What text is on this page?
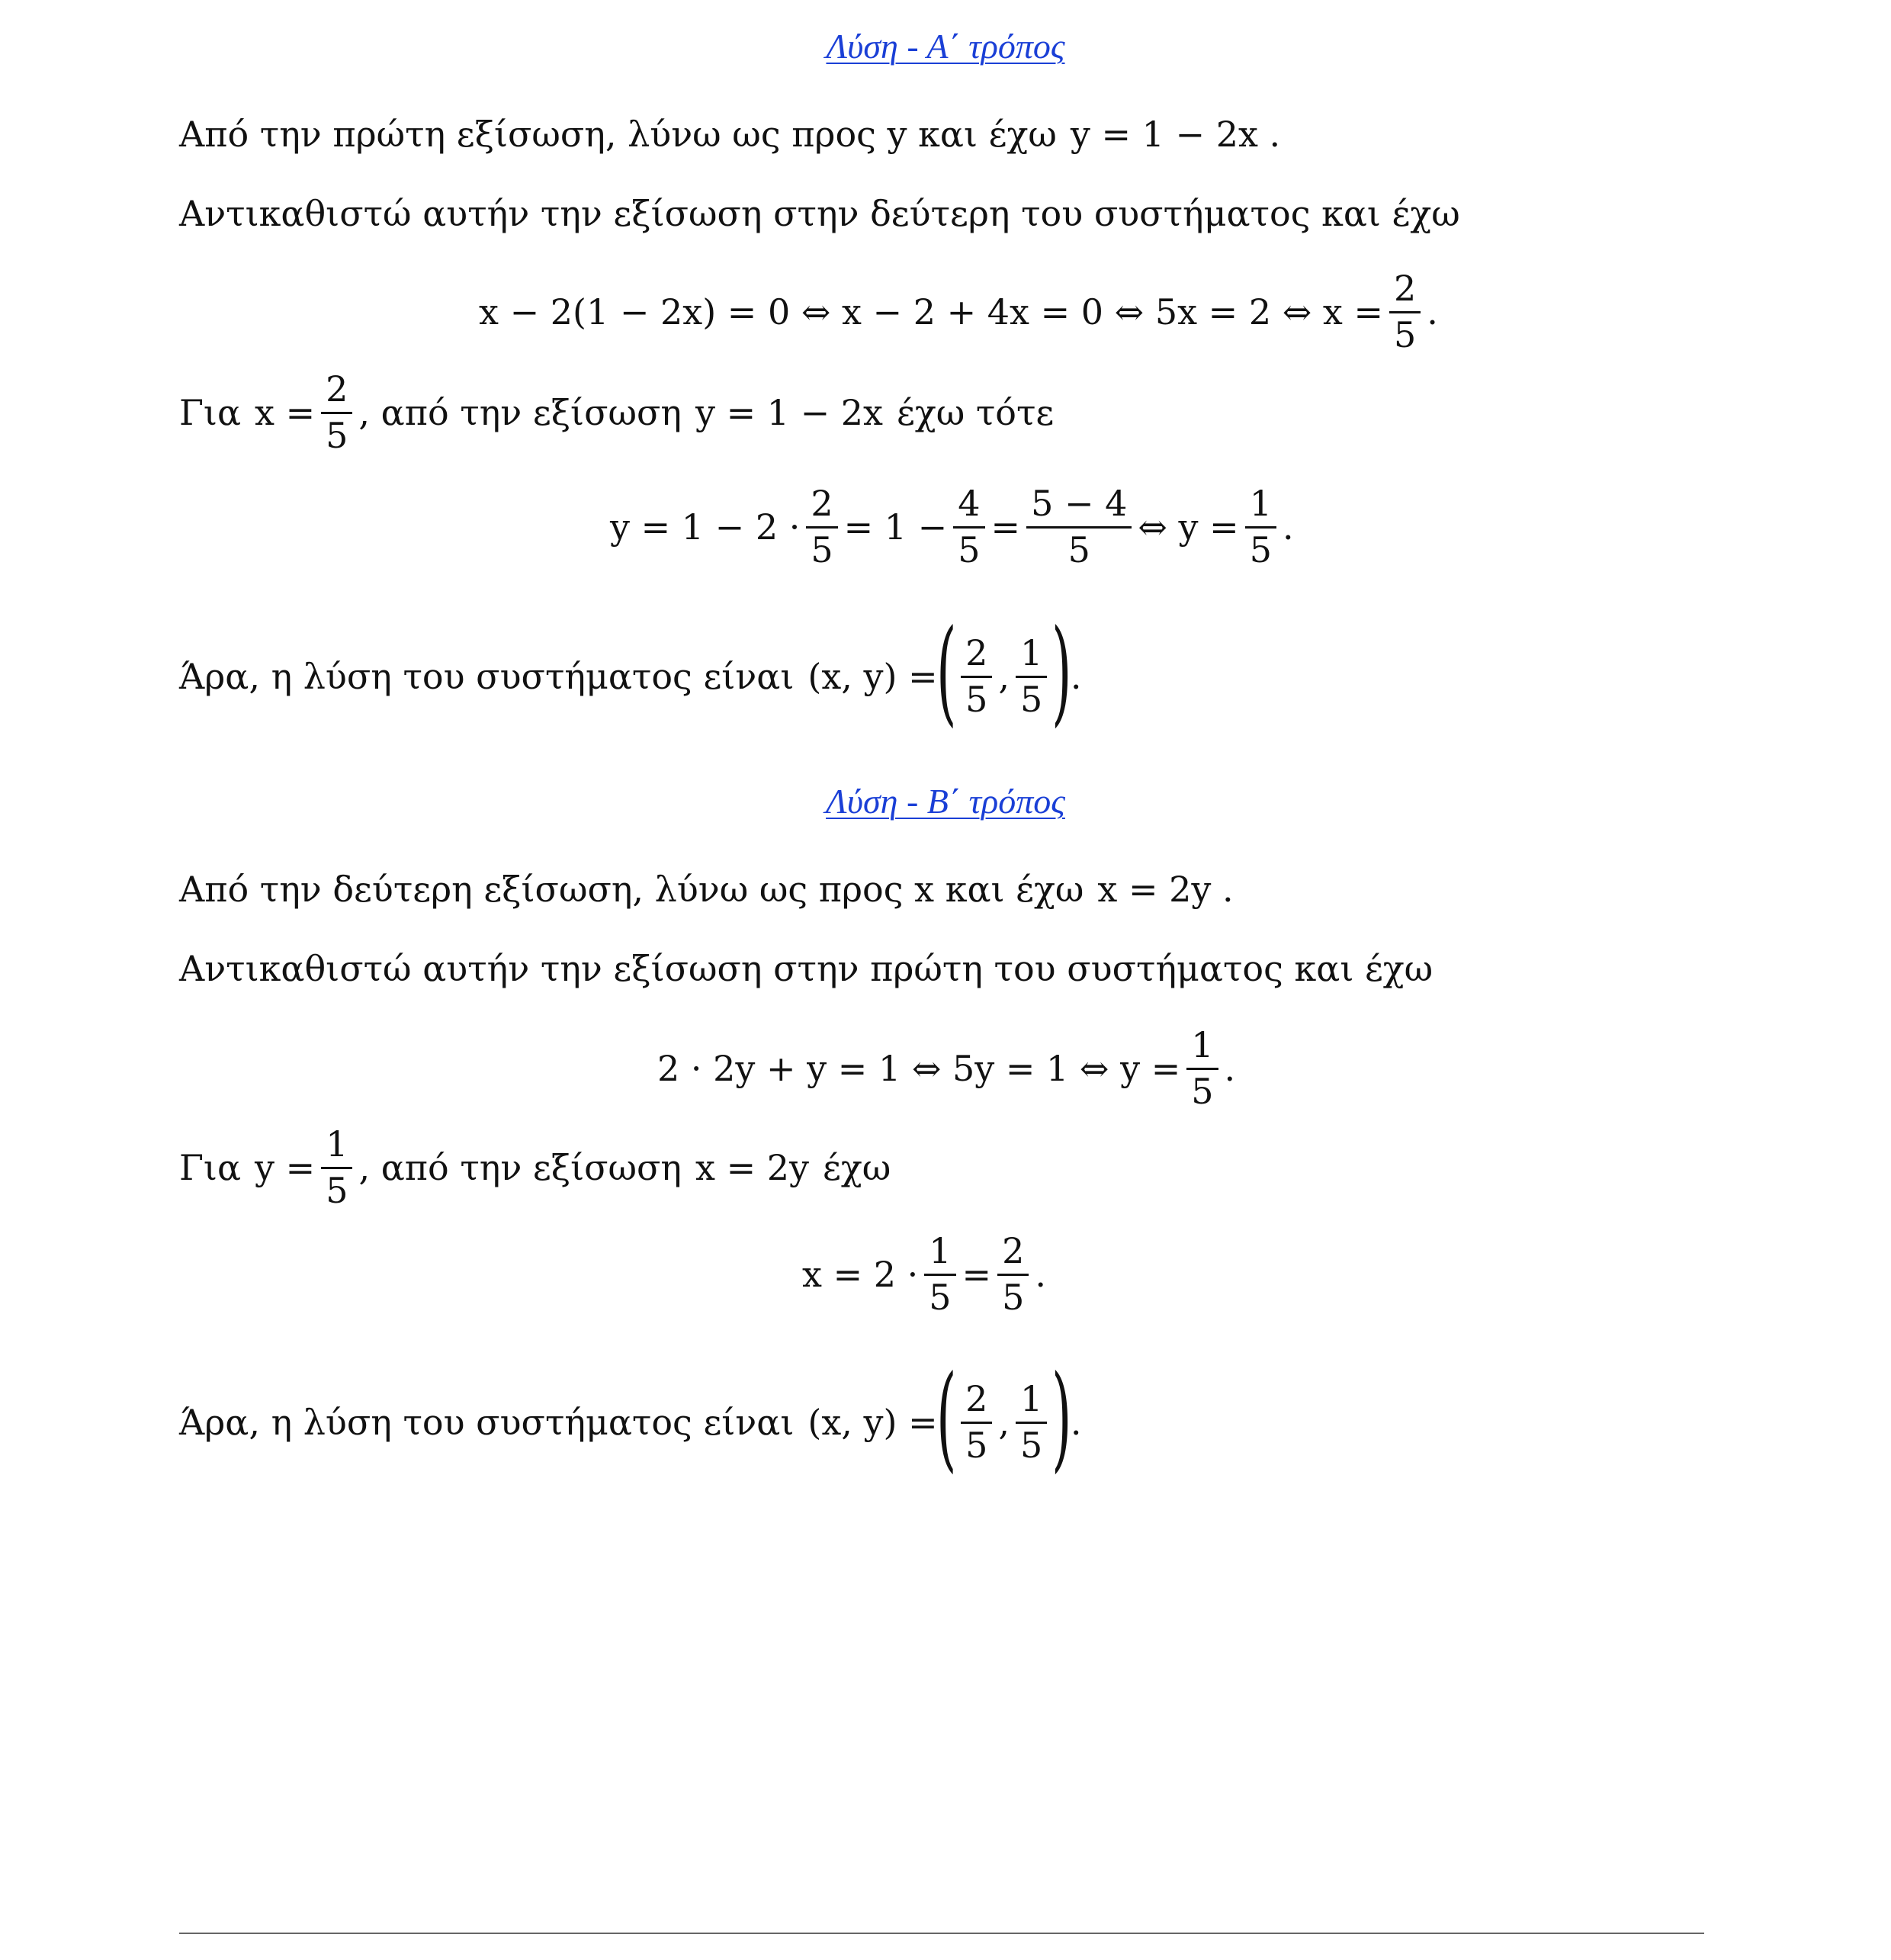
Λύση - Α΄ τρόπος
Από την πρώτη εξίσωση, λύνω ως προς y και έχω y = 1 − 2x .
Αντικαθιστώ αυτήν την εξίσωση στην δεύτερη του συστήματος και έχω
x − 2(1 − 2x) = 0 ⇔ x − 2 + 4x = 0 ⇔ 5x = 2 ⇔ $x = \frac{2}{5}$ .
Για $x = \frac{2}{5}$ , από την εξίσωση y = 1 − 2x έχω τότε
$y = 1 - 2 \cdot \frac{2}{5} = 1 - \frac{4}{5} = \frac{5 - 4}{5}$ ⇔ $y = \frac{1}{5}$ .
Άρα, η λύση του συστήματος είναι (x, y) =
( $\frac{2}{5}$ , $\frac{1}{5}$ )
.
Λύση - Β΄ τρόπος
Από την δεύτερη εξίσωση, λύνω ως προς x και έχω x = 2y .
Αντικαθιστώ αυτήν την εξίσωση στην πρώτη του συστήματος και έχω
2 · 2y + y = 1 ⇔ 5y = 1 ⇔ $y = \frac{1}{5}$ .
Για $y = \frac{1}{5}$ , από την εξίσωση x = 2y έχω
$x = 2 \cdot \frac{1}{5} = \frac{2}{5}$ .
Άρα, η λύση του συστήματος είναι (x, y) =
( $\frac{2}{5}$ , $\frac{1}{5}$ )
.
